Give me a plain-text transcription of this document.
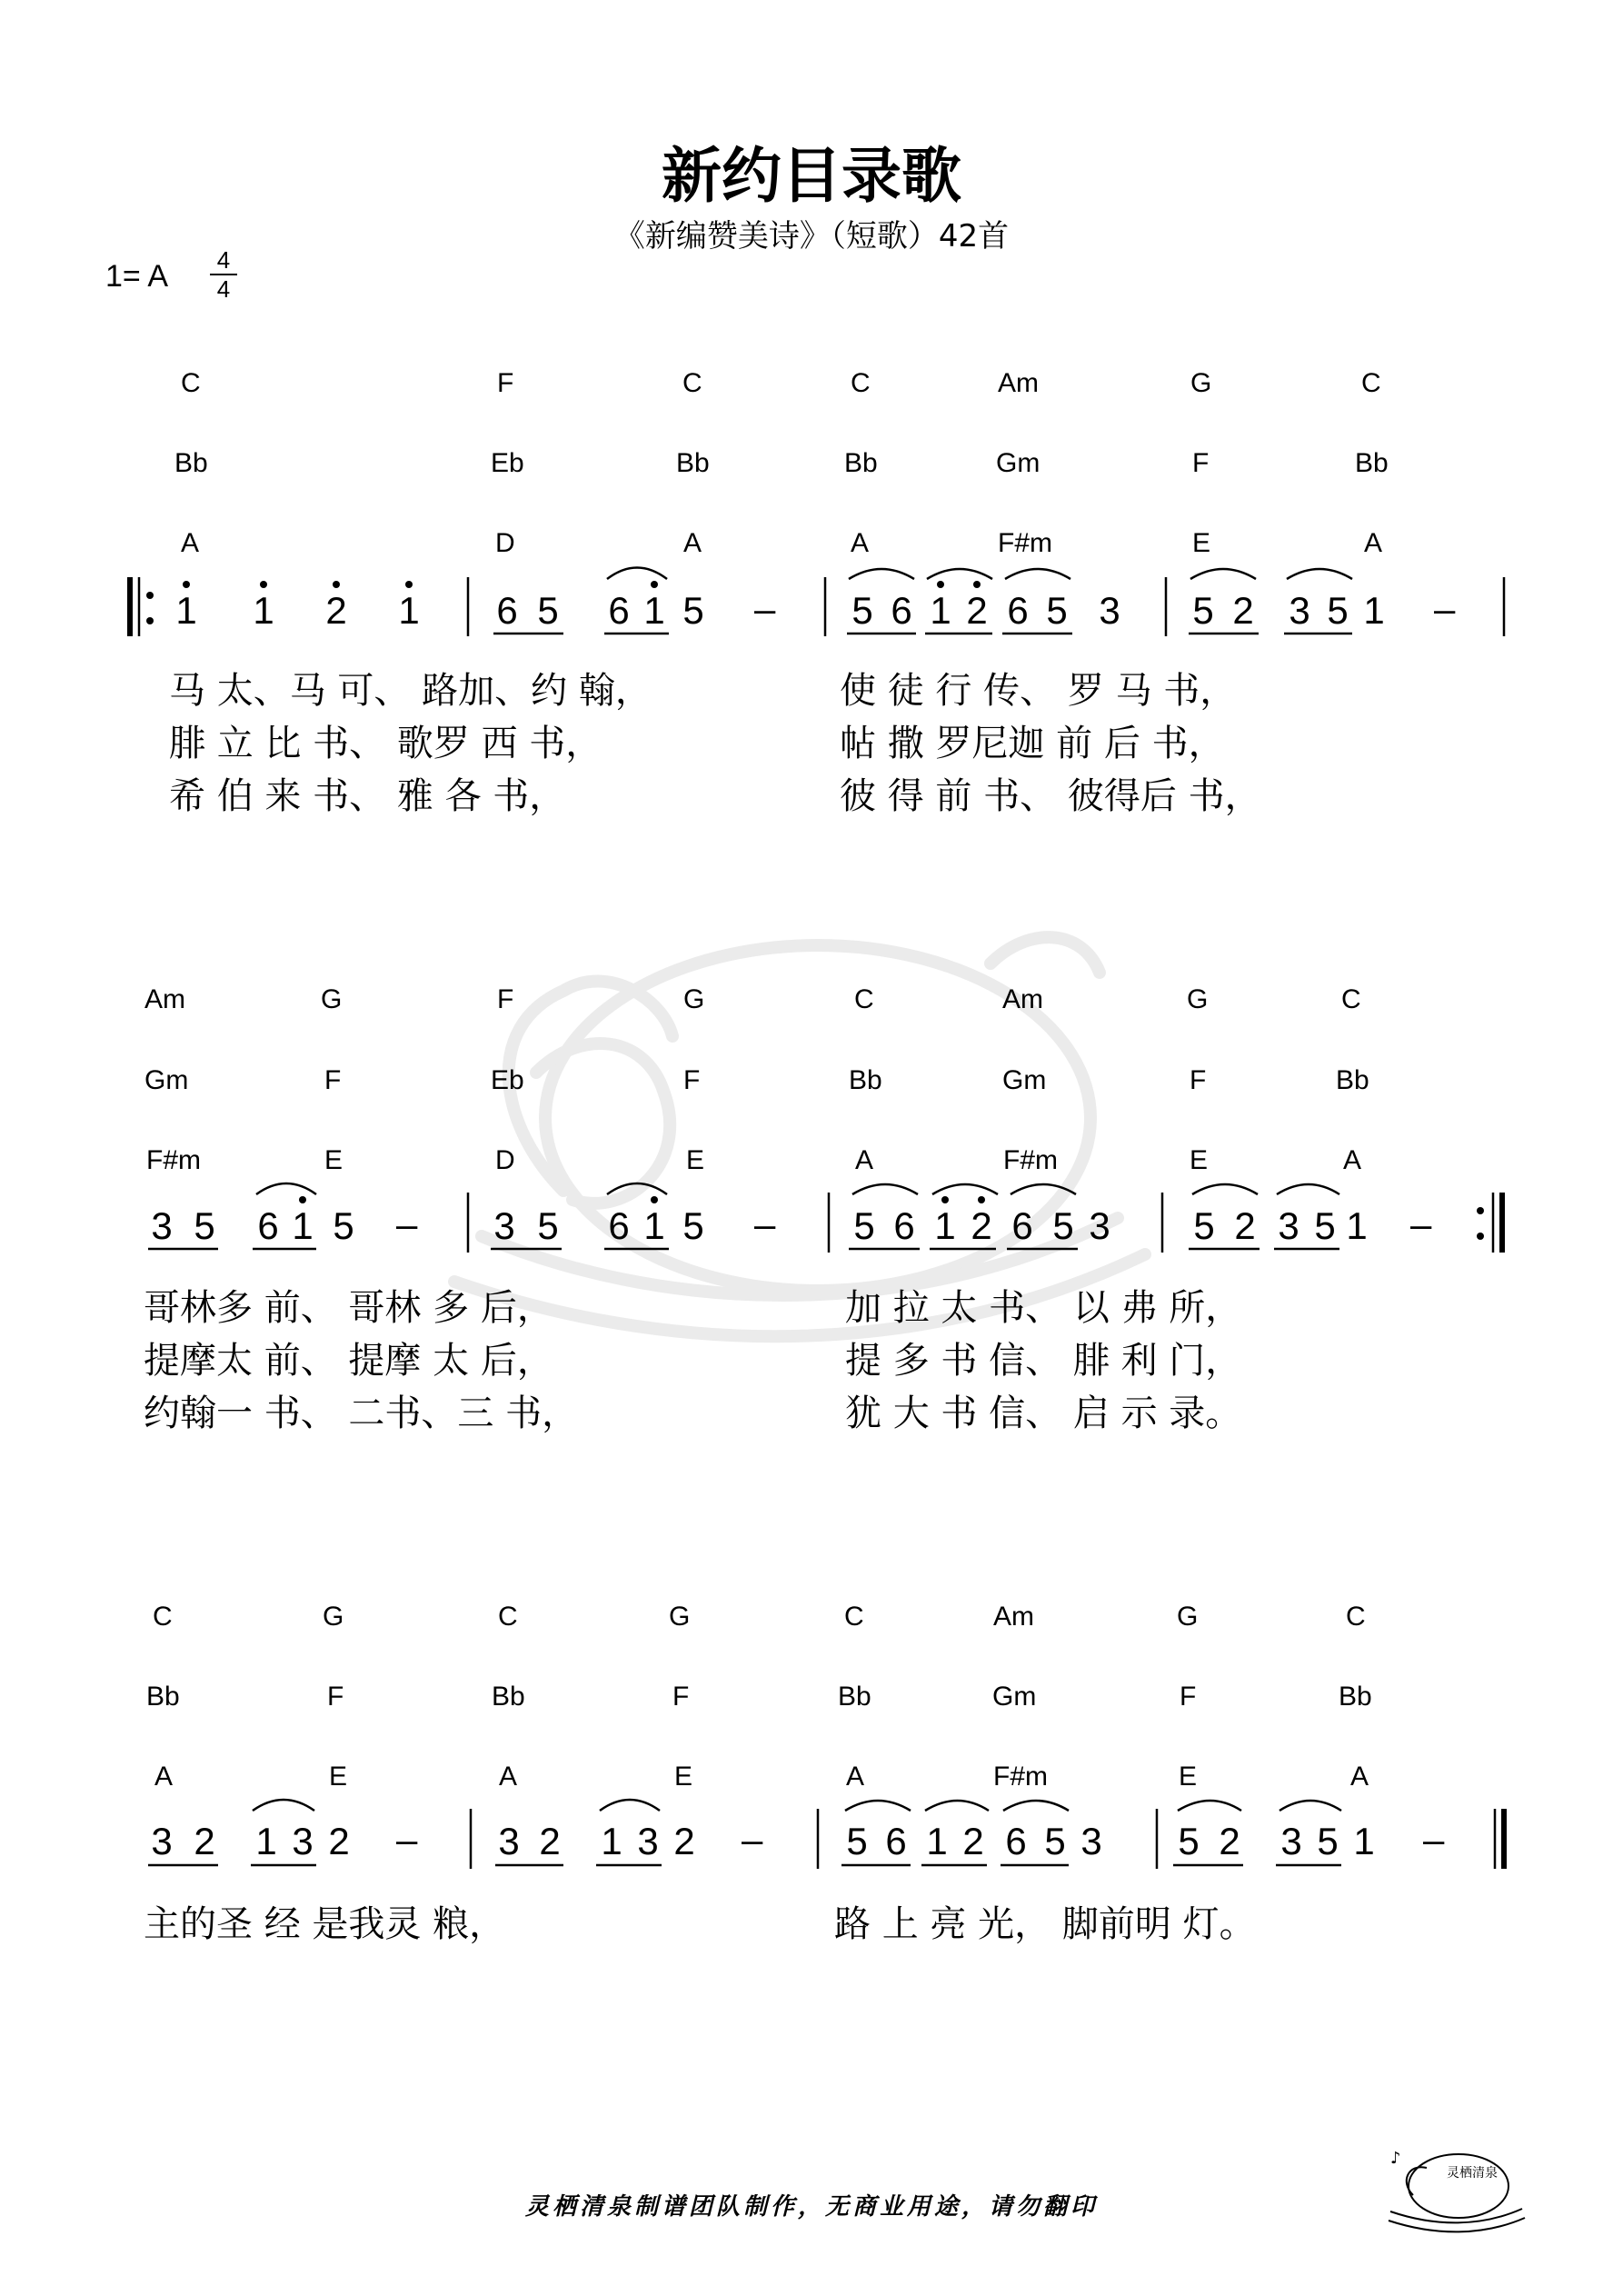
新约目录歌
《新编赞美诗》（短歌）42首
1= A 4
4
C	F	C	C	Am	G	C
Bb	Eb	Bb	Bb	Gm	F	Bb
A	D	A	A	F#m	E	A
1 1 2 1 6 5 6 1 5 – 5 6 1 2 6 5 3 5 2 3 5 1 –
马 太、马 可、 路加、约 翰，	使 徒 行 传、 罗 马 书，
腓 立 比 书、 歌罗 西 书，	帖 撒 罗尼迦 前 后 书，
希 伯 来 书、 雅 各 书，	彼 得 前 书、 彼得后 书，
Am	G	F	G	C	Am	G	C
Gm	F	Eb	F	Bb	Gm	F	Bb
F#m	E	D	E	A	F#m	E	A
3 5 6 1 5 – 3 5 6 1 5 – 5 6 1 2 6 5 3 5 2 3 5 1 –
哥林多 前、 哥林 多 后，	加 拉 太 书、 以 弗 所，
提摩太 前、 提摩 太 后，	提 多 书 信、 腓 利 门，
约翰一 书、 二书、三 书，	犹 大 书 信、 启 示 录。
C	G	C	G	C	Am	G	C
Bb	F	Bb	F	Bb	Gm	F	Bb
A	E	A	E	A	F#m	E	A
3 2 1 3 2 – 3 2 1 3 2 – 5 6 1 2 6 5 3 5 2 3 5 1 –
主的圣 经 是我灵 粮，	路 上 亮 光， 脚前明 灯。
灵栖清泉制谱团队制作，无商业用途，请勿翻印
♪
灵栖清泉
